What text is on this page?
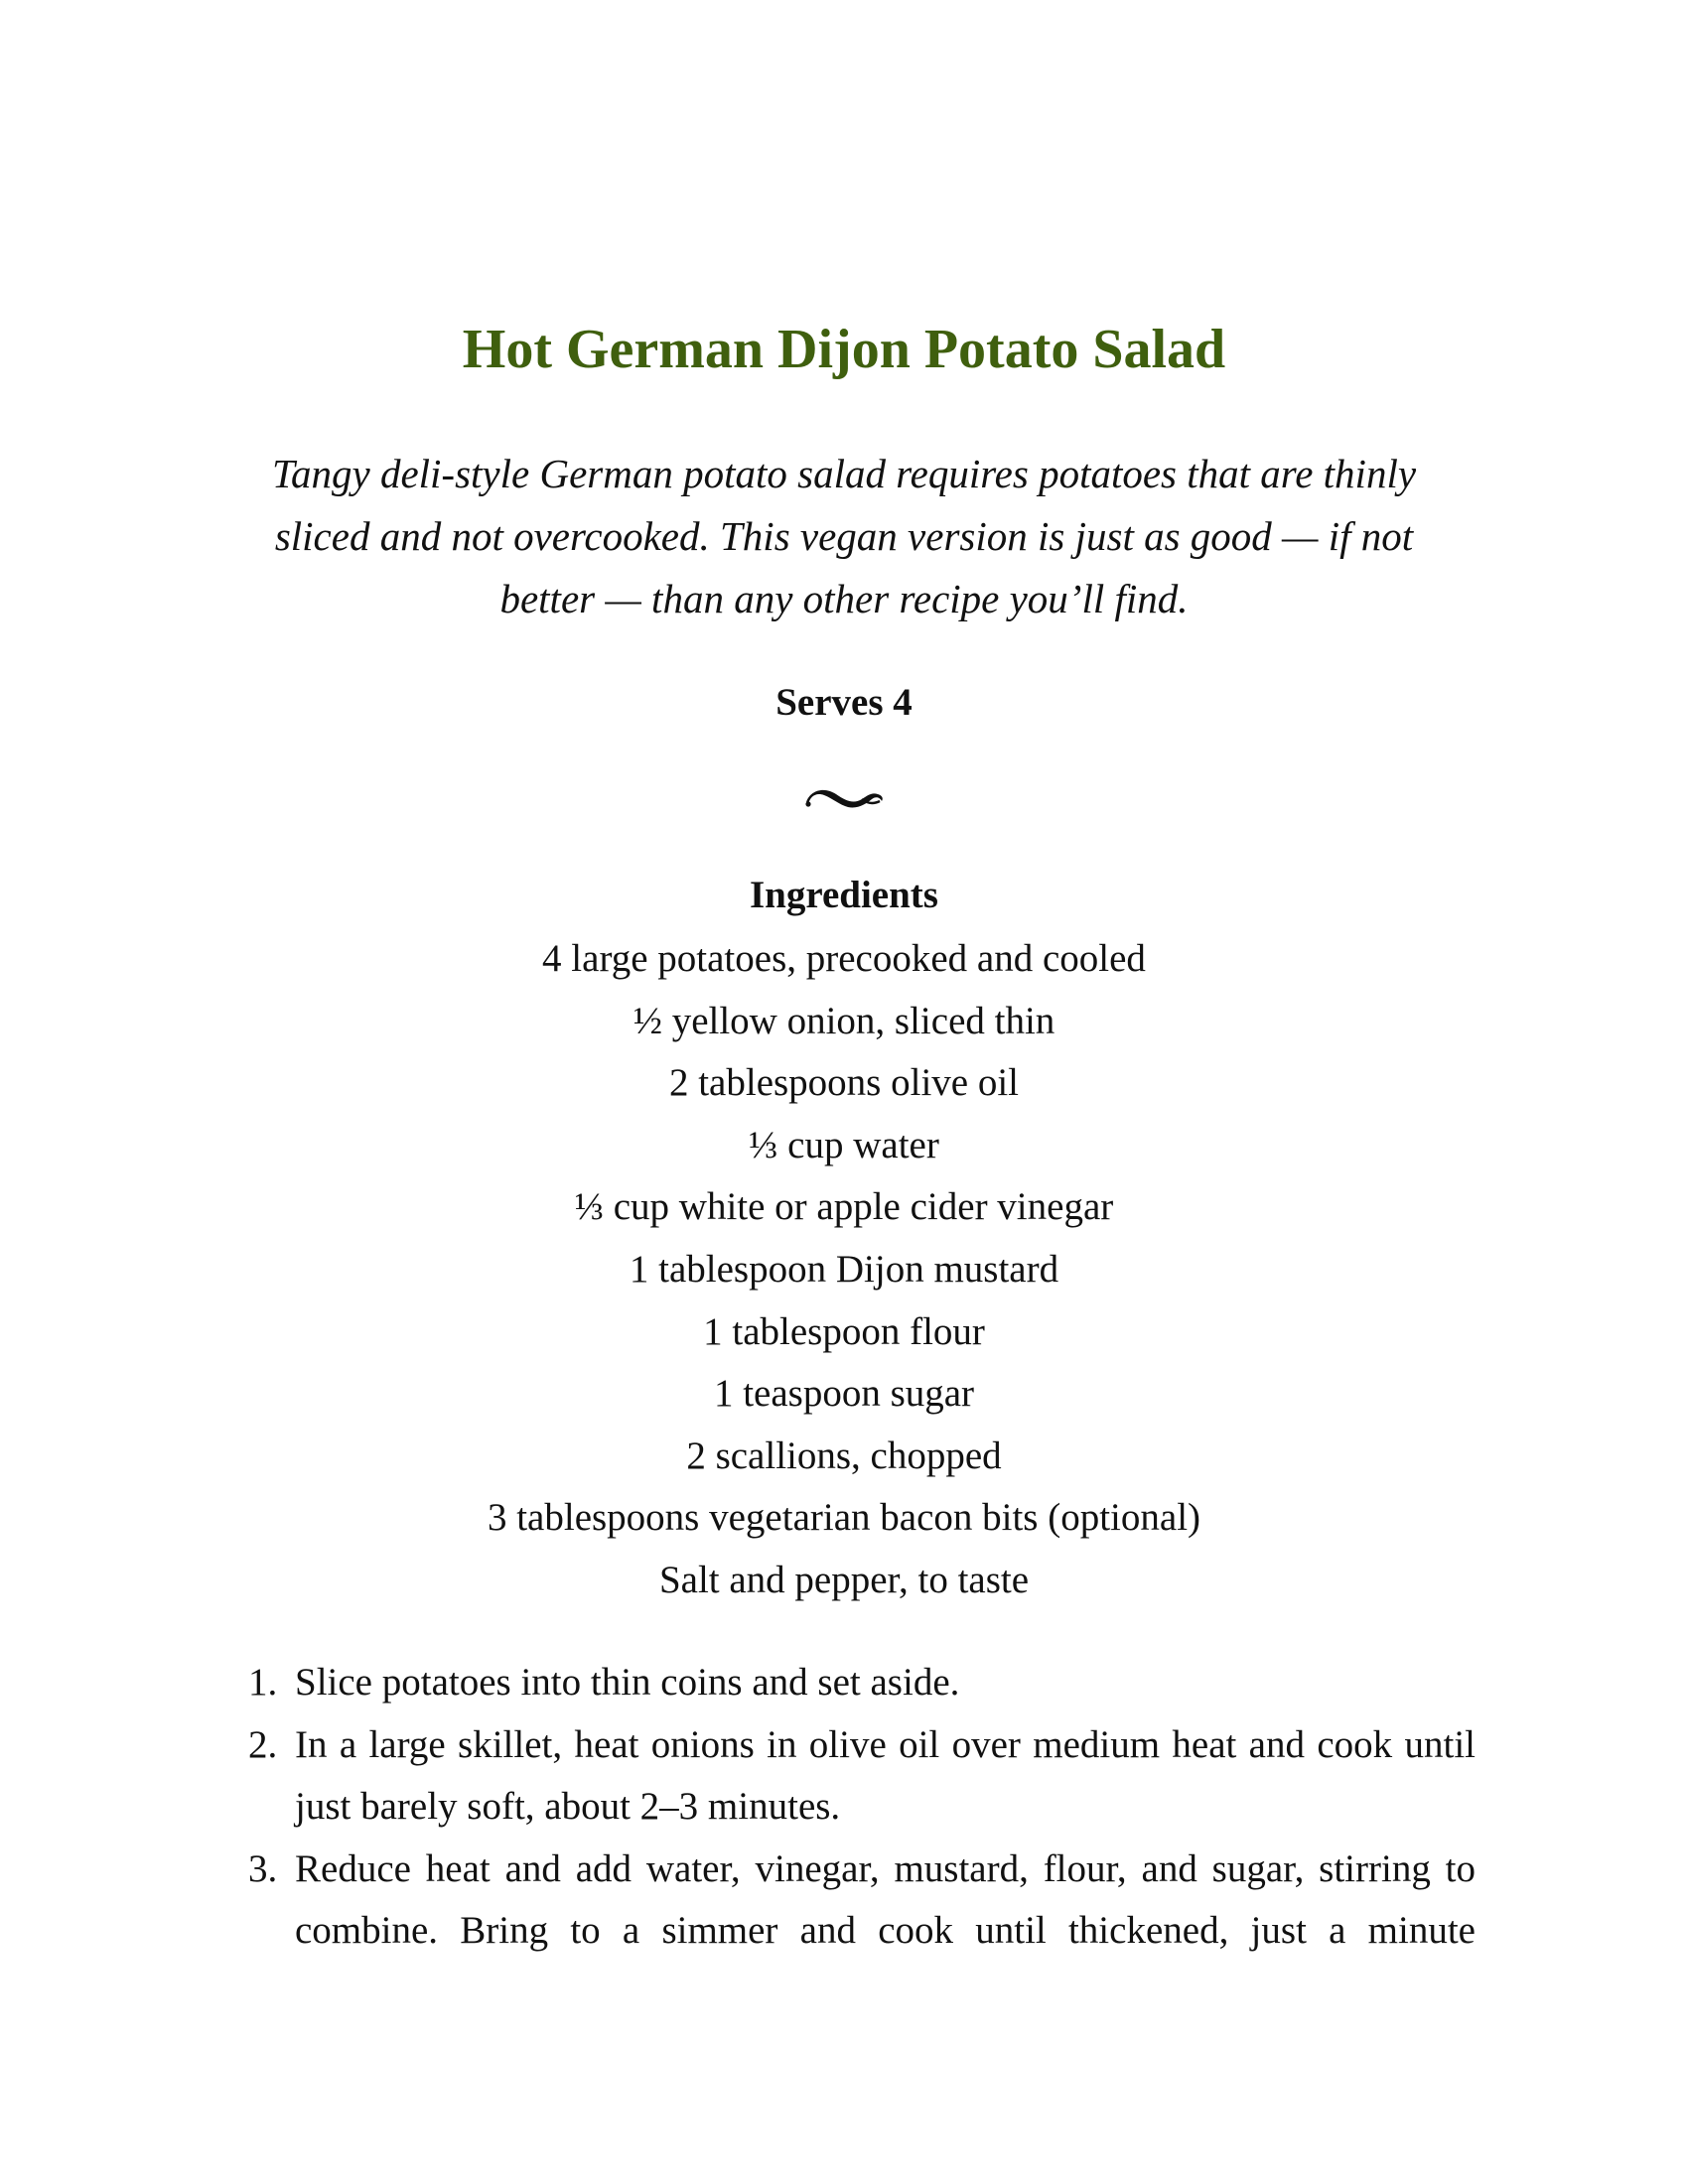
Hot German Dijon Potato Salad

Tangy deli-style German potato salad requires potatoes that are thinly sliced and not overcooked. This vegan version is just as good — if not better — than any other recipe you’ll find.

Serves 4
Ingredients
4 large potatoes, precooked and cooled
½ yellow onion, sliced thin
2 tablespoons olive oil
⅓ cup water
⅓ cup white or apple cider vinegar
1 tablespoon Dijon mustard
1 tablespoon flour
1 teaspoon sugar
2 scallions, chopped
3 tablespoons vegetarian bacon bits (optional)
Salt and pepper, to taste
1. Slice potatoes into thin coins and set aside.
2. In a large skillet, heat onions in olive oil over medium heat and cook until just barely soft, about 2–3 minutes.
3. Reduce heat and add water, vinegar, mustard, flour, and sugar, stirring to combine. Bring to a simmer and cook until thickened, just a minute
